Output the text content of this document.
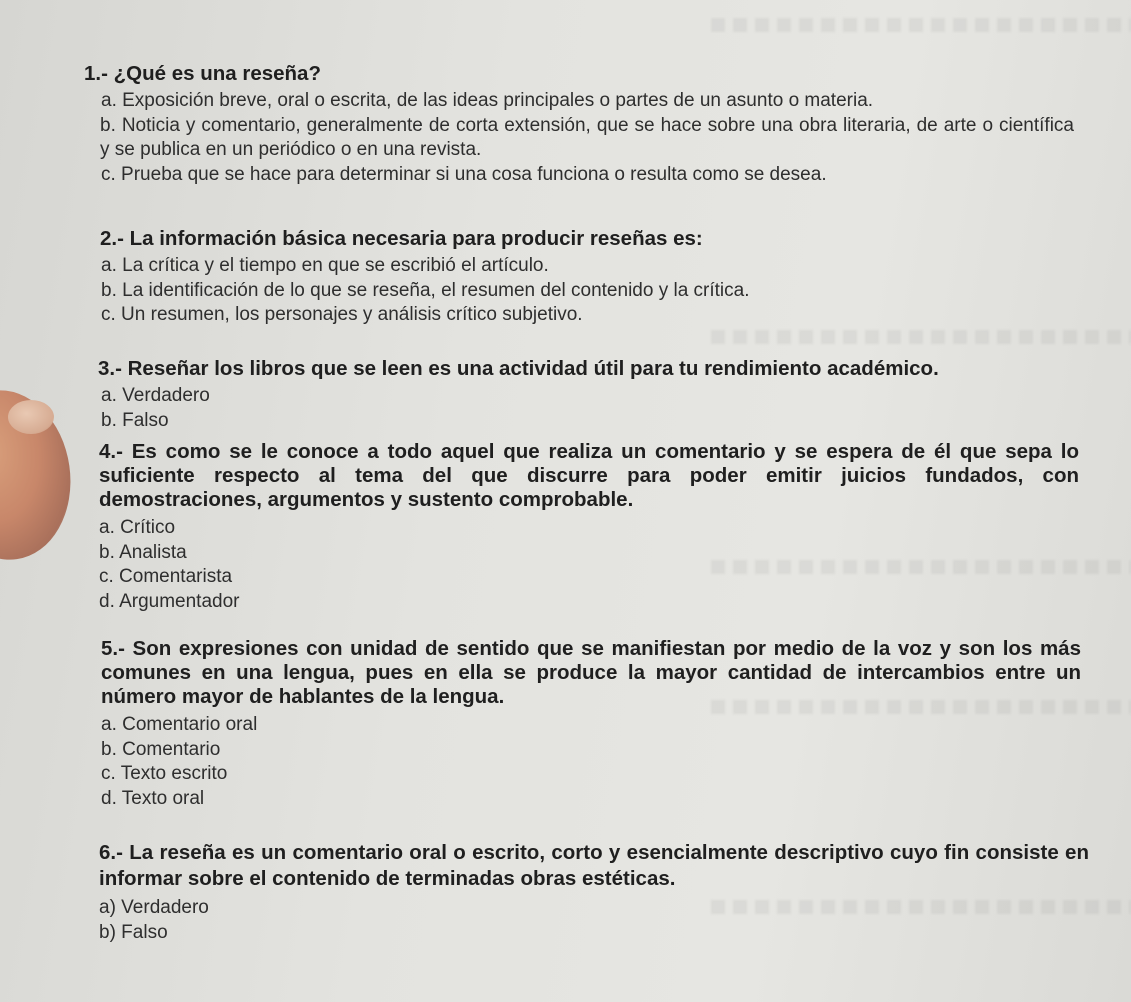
1.- ¿Qué es una reseña?

a. Exposición breve, oral o escrita, de las ideas principales o partes de un asunto o materia.

b. Noticia y comentario, generalmente de corta extensión, que se hace sobre una obra literaria, de arte o científica y se publica en un periódico o en una revista.

c. Prueba que se hace para determinar si una cosa funciona o resulta como se desea.

2.- La información básica necesaria para producir reseñas es:

a. La crítica y el tiempo en que se escribió el artículo.

b. La identificación de lo que se reseña, el resumen del contenido y la crítica.

c. Un resumen, los personajes y análisis crítico subjetivo.

3.- Reseñar los libros que se leen es una actividad útil para tu rendimiento académico.

a. Verdadero

b. Falso

4.- Es como se le conoce a todo aquel que realiza un comentario y se espera de él que sepa lo suficiente respecto al tema del que discurre para poder emitir juicios fundados, con demostraciones, argumentos y sustento comprobable.

a. Crítico

b. Analista

c. Comentarista

d. Argumentador

5.- Son expresiones con unidad de sentido que se manifiestan por medio de la voz y son los más comunes en una lengua, pues en ella se produce la mayor cantidad de intercambios entre un número mayor de hablantes de la lengua.

a. Comentario oral

b. Comentario

c. Texto escrito

d. Texto oral

6.- La reseña es un comentario oral o escrito, corto y esencialmente descriptivo cuyo fin consiste en informar sobre el contenido de terminadas obras estéticas.

a) Verdadero

b) Falso
